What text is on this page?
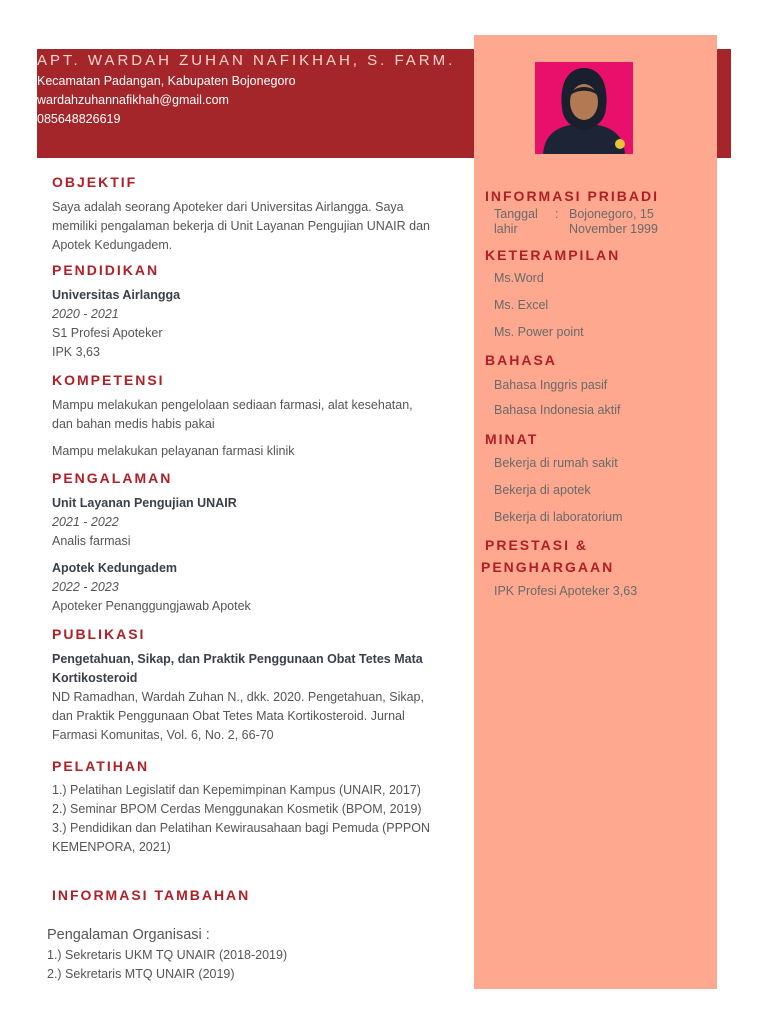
APT. WARDAH ZUHAN NAFIKHAH, S. FARM.
Kecamatan Padangan, Kabupaten Bojonegoro
wardahzuhannafikhah@gmail.com
085648826619
OBJEKTIF
Saya adalah seorang Apoteker dari Universitas Airlangga. Saya
memiliki pengalaman bekerja di Unit Layanan Pengujian UNAIR dan
Apotek Kedungadem.
PENDIDIKAN
Universitas Airlangga
2020 - 2021
S1 Profesi Apoteker
IPK 3,63
KOMPETENSI
Mampu melakukan pengelolaan sediaan farmasi, alat kesehatan,
dan bahan medis habis pakai
Mampu melakukan pelayanan farmasi klinik
PENGALAMAN
Unit Layanan Pengujian UNAIR
2021 - 2022
Analis farmasi
Apotek Kedungadem
2022 - 2023
Apoteker Penanggungjawab Apotek
PUBLIKASI
Pengetahuan, Sikap, dan Praktik Penggunaan Obat Tetes Mata
Kortikosteroid
ND Ramadhan, Wardah Zuhan N., dkk. 2020. Pengetahuan, Sikap,
dan Praktik Penggunaan Obat Tetes Mata Kortikosteroid. Jurnal
Farmasi Komunitas, Vol. 6, No. 2, 66-70
PELATIHAN
1.) Pelatihan Legislatif dan Kepemimpinan Kampus (UNAIR, 2017)
2.) Seminar BPOM Cerdas Menggunakan Kosmetik (BPOM, 2019)
3.) Pendidikan dan Pelatihan Kewirausahaan bagi Pemuda (PPPON
KEMENPORA, 2021)
INFORMASI TAMBAHAN
Pengalaman Organisasi :
1.) Sekretaris UKM TQ UNAIR (2018-2019)
2.) Sekretaris MTQ UNAIR (2019)
INFORMASI PRIBADI
Tanggal
lahir
: Bojonegoro, 15
November 1999
KETERAMPILAN
Ms.Word
Ms. Excel
Ms. Power point
BAHASA
Bahasa Inggris pasif
Bahasa Indonesia aktif
MINAT
Bekerja di rumah sakit
Bekerja di apotek
Bekerja di laboratorium
PRESTASI &
PENGHARGAAN
IPK Profesi Apoteker 3,63
